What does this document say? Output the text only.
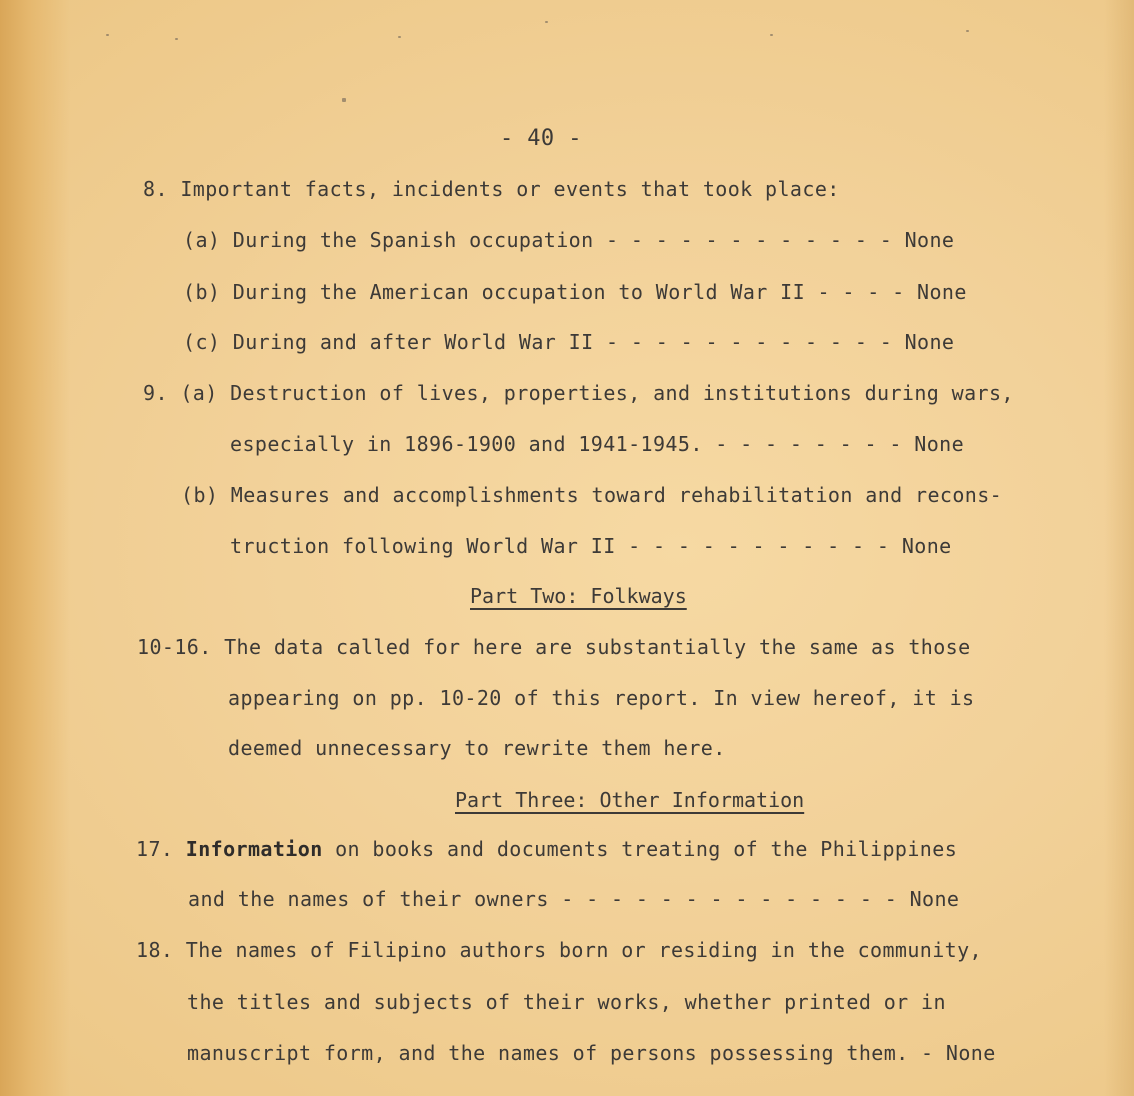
- 40 -
8. Important facts, incidents or events that took place:
(a) During the Spanish occupation - - - - - - - - - - - - None
(b) During the American occupation to World War II - - - - None
(c) During and after World War II - - - - - - - - - - - - None
9. (a) Destruction of lives, properties, and institutions during wars,
especially in 1896-1900 and 1941-1945. - - - - - - - - None
(b) Measures and accomplishments toward rehabilitation and recons-
truction following World War II - - - - - - - - - - - None
Part Two: Folkways
10-16. The data called for here are substantially the same as those
appearing on pp. 10-20 of this report. In view hereof, it is
deemed unnecessary to rewrite them here.
Part Three: Other Information
17. Information on books and documents treating of the Philippines
and the names of their owners - - - - - - - - - - - - - - None
18. The names of Filipino authors born or residing in the community,
the titles and subjects of their works, whether printed or in
manuscript form, and the names of persons possessing them. - None
